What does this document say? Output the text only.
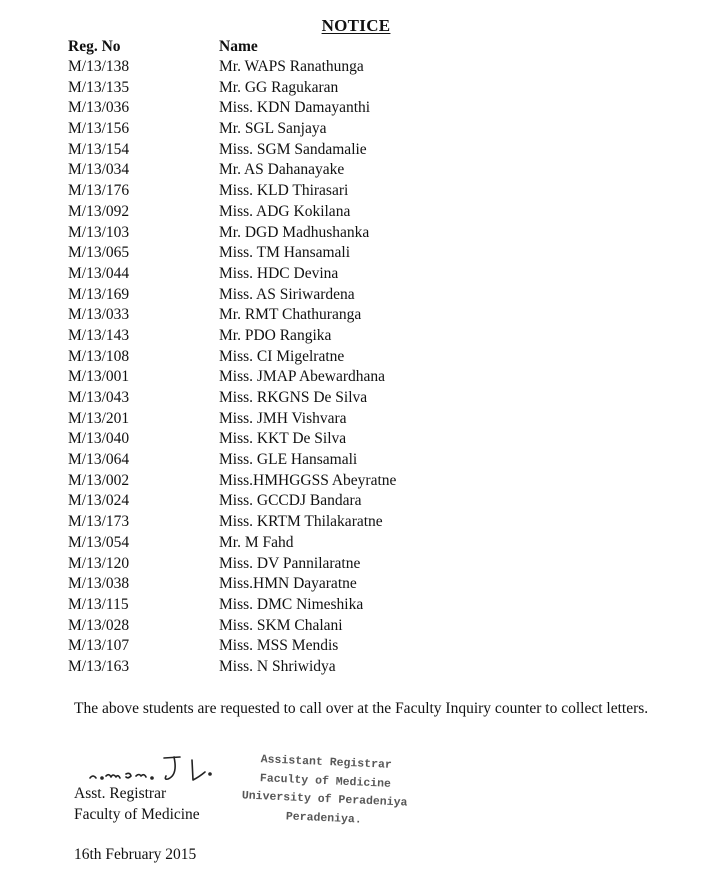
NOTICE
Reg. No	Name
M/13/138	Mr. WAPS Ranathunga
M/13/135	Mr. GG Ragukaran
M/13/036	Miss. KDN Damayanthi
M/13/156	Mr. SGL Sanjaya
M/13/154	Miss. SGM Sandamalie
M/13/034	Mr. AS Dahanayake
M/13/176	Miss. KLD Thirasari
M/13/092	Miss. ADG Kokilana
M/13/103	Mr. DGD Madhushanka
M/13/065	Miss. TM Hansamali
M/13/044	Miss. HDC Devina
M/13/169	Miss. AS Siriwardena
M/13/033	Mr. RMT Chathuranga
M/13/143	Mr. PDO Rangika
M/13/108	Miss. CI Migelratne
M/13/001	Miss. JMAP Abewardhana
M/13/043	Miss. RKGNS De Silva
M/13/201	Miss. JMH Vishvara
M/13/040	Miss. KKT De Silva
M/13/064	Miss. GLE Hansamali
M/13/002	Miss.HMHGGSS Abeyratne
M/13/024	Miss. GCCDJ Bandara
M/13/173	Miss. KRTM Thilakaratne
M/13/054	Mr. M Fahd
M/13/120	Miss. DV Pannilaratne
M/13/038	Miss.HMN Dayaratne
M/13/115	Miss. DMC Nimeshika
M/13/028	Miss. SKM Chalani
M/13/107	Miss. MSS Mendis
M/13/163	Miss. N Shriwidya
The above students are requested to call over at the Faculty Inquiry counter to collect letters.
Asst. Registrar
Faculty of Medicine
Assistant Registrar
Faculty of Medicine
University of Peradeniya
Peradeniya.
16th February 2015
